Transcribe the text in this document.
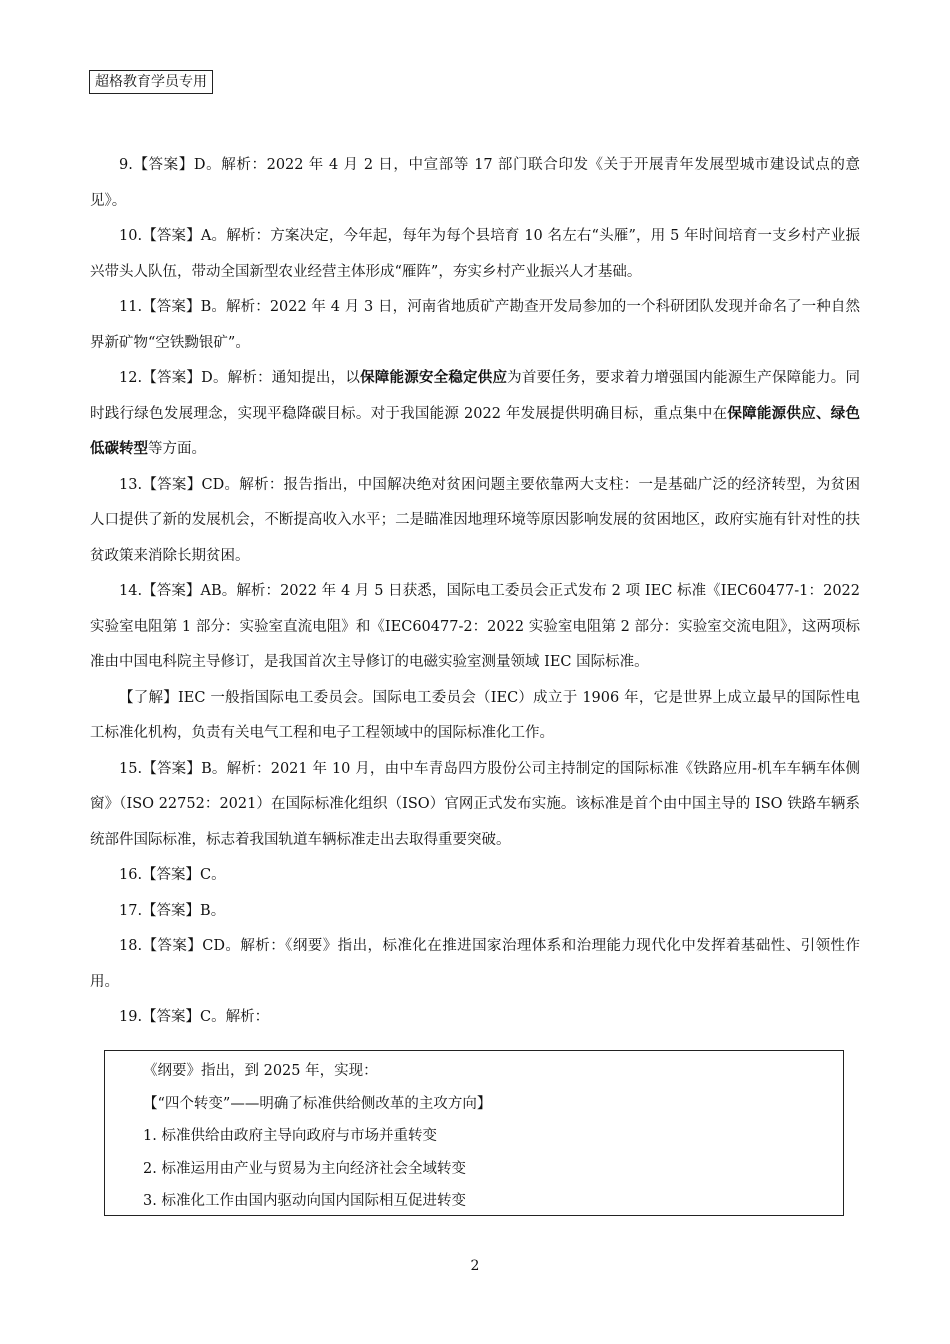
超格教育学员专用

9.【答案】D。解析：2022 年 4 月 2 日，中宣部等 17 部门联合印发《关于开展青年发展型城市建设试点的意见》。

10.【答案】A。解析：方案决定，今年起，每年为每个县培育 10 名左右“头雁”，用 5 年时间培育一支乡村产业振兴带头人队伍，带动全国新型农业经营主体形成“雁阵”，夯实乡村产业振兴人才基础。

11.【答案】B。解析：2022 年 4 月 3 日，河南省地质矿产勘查开发局参加的一个科研团队发现并命名了一种自然界新矿物“空铁黝银矿”。

12.【答案】D。解析：通知提出，以保障能源安全稳定供应为首要任务，要求着力增强国内能源生产保障能力。同时践行绿色发展理念，实现平稳降碳目标。对于我国能源 2022 年发展提供明确目标，重点集中在保障能源供应、绿色低碳转型等方面。

13.【答案】CD。解析：报告指出，中国解决绝对贫困问题主要依靠两大支柱：一是基础广泛的经济转型，为贫困人口提供了新的发展机会，不断提高收入水平；二是瞄准因地理环境等原因影响发展的贫困地区，政府实施有针对性的扶贫政策来消除长期贫困。

14.【答案】AB。解析：2022 年 4 月 5 日获悉，国际电工委员会正式发布 2 项 IEC 标准《IEC60477-1：2022 实验室电阻第 1 部分：实验室直流电阻》和《IEC60477-2：2022 实验室电阻第 2 部分：实验室交流电阻》，这两项标准由中国电科院主导修订，是我国首次主导修订的电磁实验室测量领域 IEC 国际标准。

【了解】IEC 一般指国际电工委员会。国际电工委员会（IEC）成立于 1906 年，它是世界上成立最早的国际性电工标准化机构，负责有关电气工程和电子工程领域中的国际标准化工作。

15.【答案】B。解析：2021 年 10 月，由中车青岛四方股份公司主持制定的国际标准《铁路应用-机车车辆车体侧窗》（ISO 22752：2021）在国际标准化组织（ISO）官网正式发布实施。该标准是首个由中国主导的 ISO 铁路车辆系统部件国际标准，标志着我国轨道车辆标准走出去取得重要突破。

16.【答案】C。

17.【答案】B。

18.【答案】CD。解析：《纲要》指出，标准化在推进国家治理体系和治理能力现代化中发挥着基础性、引领性作用。

19.【答案】C。解析：

《纲要》指出，到 2025 年，实现：

【“四个转变”——明确了标准供给侧改革的主攻方向】

1. 标准供给由政府主导向政府与市场并重转变

2. 标准运用由产业与贸易为主向经济社会全域转变

3. 标准化工作由国内驱动向国内国际相互促进转变

2
